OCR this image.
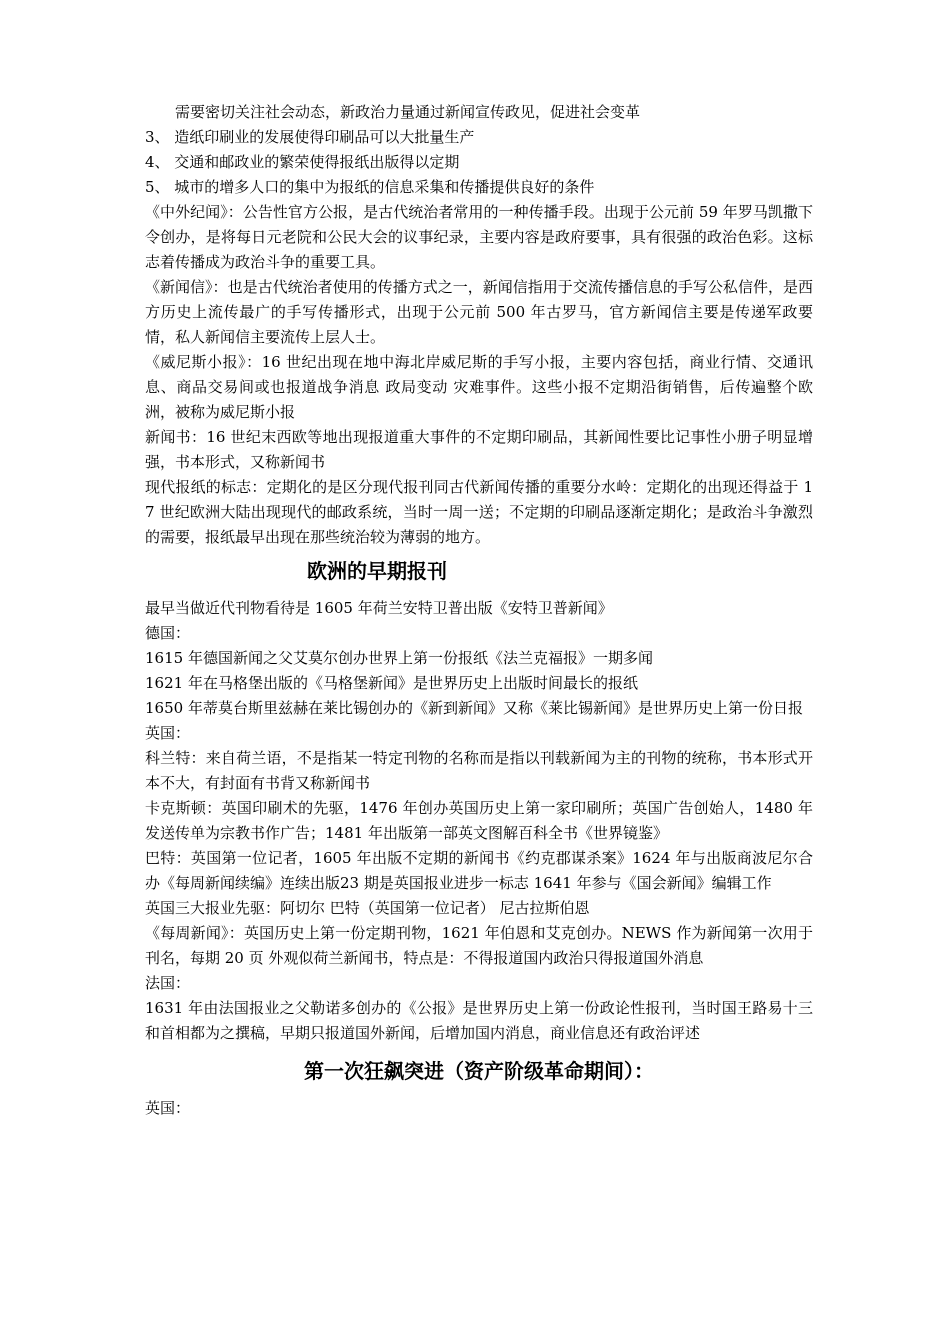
需要密切关注社会动态，新政治力量通过新闻宣传政见，促进社会变革

3、 造纸印刷业的发展使得印刷品可以大批量生产

4、 交通和邮政业的繁荣使得报纸出版得以定期

5、 城市的增多人口的集中为报纸的信息采集和传播提供良好的条件

《中外纪闻》：公告性官方公报，是古代统治者常用的一种传播手段。出现于公元前 59 年罗马凯撒下令创办，是将每日元老院和公民大会的议事纪录，主要内容是政府要事，具有很强的政治色彩。这标志着传播成为政治斗争的重要工具。

《新闻信》：也是古代统治者使用的传播方式之一，新闻信指用于交流传播信息的手写公私信件，是西方历史上流传最广的手写传播形式，出现于公元前 500 年古罗马，官方新闻信主要是传递军政要情，私人新闻信主要流传上层人士。

《威尼斯小报》：16 世纪出现在地中海北岸威尼斯的手写小报，主要内容包括，商业行情、交通讯息、商品交易间或也报道战争消息 政局变动 灾难事件。这些小报不定期沿街销售，后传遍整个欧洲，被称为威尼斯小报

新闻书：16 世纪末西欧等地出现报道重大事件的不定期印刷品，其新闻性要比记事性小册子明显增强，书本形式，又称新闻书

现代报纸的标志：定期化的是区分现代报刊同古代新闻传播的重要分水岭：定期化的出现还得益于 17 世纪欧洲大陆出现现代的邮政系统，当时一周一送；不定期的印刷品逐渐定期化；是政治斗争激烈的需要，报纸最早出现在那些统治较为薄弱的地方。

欧洲的早期报刊

最早当做近代刊物看待是 1605 年荷兰安特卫普出版《安特卫普新闻》

德国：

1615 年德国新闻之父艾莫尔创办世界上第一份报纸《法兰克福报》一期多闻

1621 年在马格堡出版的《马格堡新闻》是世界历史上出版时间最长的报纸

1650 年蒂莫台斯里兹赫在莱比锡创办的《新到新闻》又称《莱比锡新闻》是世界历史上第一份日报

英国：

科兰特：来自荷兰语，不是指某一特定刊物的名称而是指以刊载新闻为主的刊物的统称，书本形式开本不大，有封面有书背又称新闻书

卡克斯顿：英国印刷术的先驱，1476 年创办英国历史上第一家印刷所；英国广告创始人，1480 年发送传单为宗教书作广告；1481 年出版第一部英文图解百科全书《世界镜鉴》

巴特：英国第一位记者，1605 年出版不定期的新闻书《约克郡谋杀案》1624 年与出版商波尼尔合办《每周新闻续编》连续出版23 期是英国报业进步一标志 1641 年参与《国会新闻》编辑工作

英国三大报业先驱：阿切尔 巴特（英国第一位记者） 尼古拉斯伯恩

《每周新闻》：英国历史上第一份定期刊物，1621 年伯恩和艾克创办。NEWS 作为新闻第一次用于刊名，每期 20 页 外观似荷兰新闻书，特点是：不得报道国内政治只得报道国外消息

法国：

1631 年由法国报业之父勒诺多创办的《公报》是世界历史上第一份政论性报刊，当时国王路易十三 和首相都为之撰稿，早期只报道国外新闻，后增加国内消息，商业信息还有政治评述

第一次狂飙突进（资产阶级革命期间）：

英国：
